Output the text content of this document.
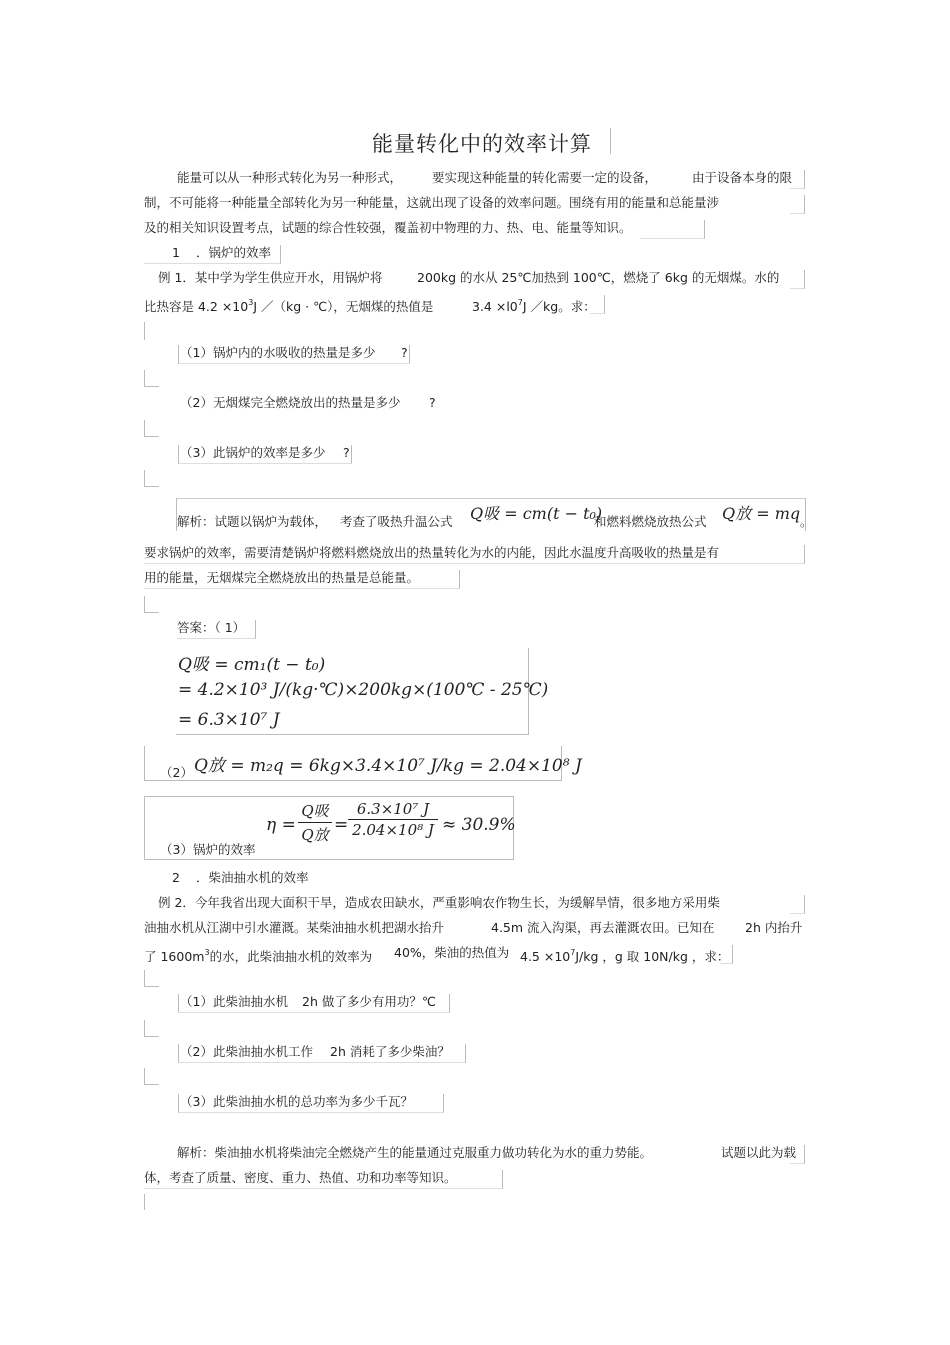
能量转化中的效率计算
能量可以从一种形式转化为另一种形式， 要实现这种能量的转化需要一定的设备，	由于设备本身的限
制，不可能将一种能量全部转化为另一种能量，这就出现了设备的效率问题。围绕有用的能量和总能量涉
及的相关知识设置考点，试题的综合性较强，覆盖初中物理的力、热、电、能量等知识。
1 ．锅炉的效率
例 1．某中学为学生供应开水，用锅炉将	200kg 的水从 25℃加热到 100℃，燃烧了 6kg 的无烟煤。水的
比热容是 $4.2 \times 10^3J$ ／（kg · ℃），无烟煤的热值是	$3.4 \times l0^7J$ ／kg。求：
（1）锅炉内的水吸收的热量是多少 ?
（2）无烟煤完全燃烧放出的热量是多少 ?
（3）此锅炉的效率是多少 ?
解析：试题以锅炉为载体， 考查了吸热升温公式 Q吸 = cm(t − t₀)
和燃料燃烧放热公式 Q放 = mq 。
要求锅炉的效率，需要清楚锅炉将燃料燃烧放出的热量转化为水的内能，因此水温度升高吸收的热量是有
用的能量，无烟煤完全燃烧放出的热量是总能量。
答案：（ 1）
Q吸 = cm₁(t − t₀)
= 4.2×10³ J/(kg·℃)×200kg×(100℃ - 25℃)
= 6.3×10⁷ J
（2） Q放 = m₂q = 6kg×3.4×10⁷ J/kg = 2.04×10⁸ J
（3）锅炉的效率
η =
Q吸
Q放 =
6.3×10⁷ J
2.04×10⁸ J ≈ 30.9%
2 ．柴油抽水机的效率
例 2．今年我省出现大面积干旱，造成农田缺水，严重影响农作物生长，为缓解旱情，很多地方采用柴
油抽水机从江湖中引水灌溉。某柴油抽水机把湖水抬升	4.5m 流入沟渠，再去灌溉农田。已知在 2h 内抬升
了 $1600m^3$的水，此柴油抽水机的效率为 40%，柴油的热值为 $4.5 \times 10^7J/kg$ ，g 取 10N/kg ，求：
（1）此柴油抽水机 2h 做了多少有用功？℃
（2）此柴油抽水机工作 2h 消耗了多少柴油？
（3）此柴油抽水机的总功率为多少千瓦？
解析：柴油抽水机将柴油完全燃烧产生的能量通过克服重力做功转化为水的重力势能。	试题以此为载
体，考查了质量、密度、重力、热值、功和功率等知识。
